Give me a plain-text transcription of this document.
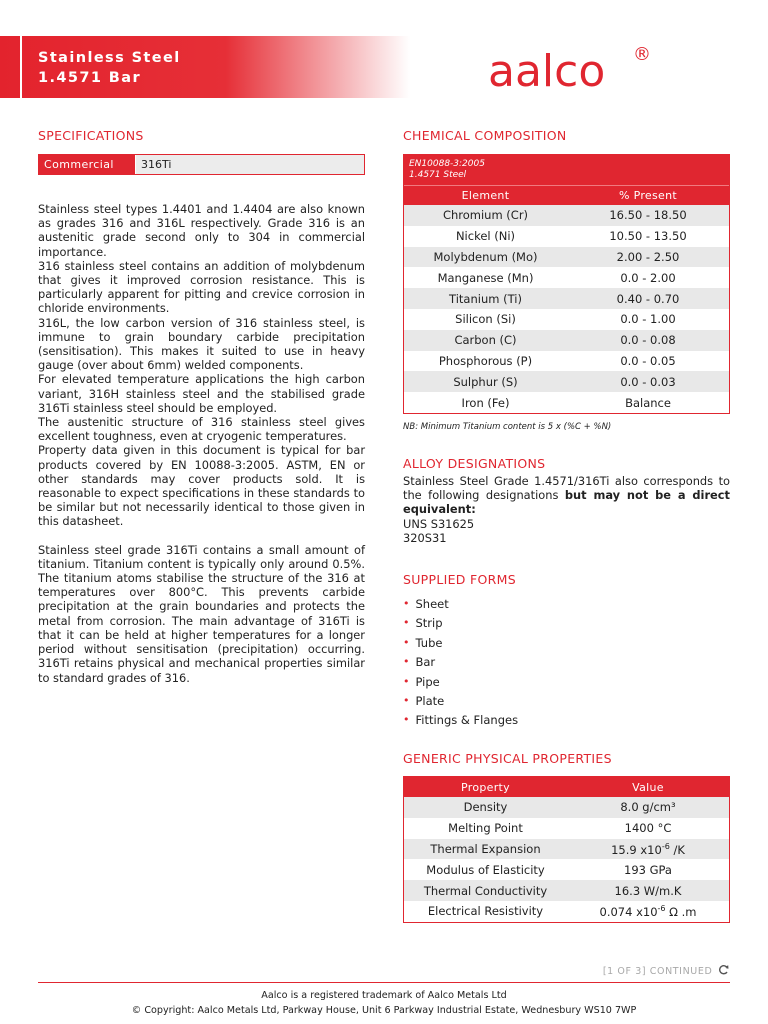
Stainless Steel
1.4571 Bar	aalco ®
SPECIFICATIONS
Commercial	316Ti

Stainless steel types 1.4401 and 1.4404 are also known as grades 316 and 316L respectively. Grade 316 is an austenitic grade second only to 304 in commercial importance.

316 stainless steel contains an addition of molybdenum that gives it improved corrosion resistance. This is particularly apparent for pitting and crevice corrosion in chloride environments.

316L, the low carbon version of 316 stainless steel, is immune to grain boundary carbide precipitation (sensitisation). This makes it suited to use in heavy gauge (over about 6mm) welded components.

For elevated temperature applications the high carbon variant, 316H stainless steel and the stabilised grade 316Ti stainless steel should be employed.

The austenitic structure of 316 stainless steel gives excellent toughness, even at cryogenic temperatures.

Property data given in this document is typical for bar products covered by EN 10088-3:2005. ASTM, EN or other standards may cover products sold. It is reasonable to expect specifications in these standards to be similar but not necessarily identical to those given in this datasheet.

Stainless steel grade 316Ti contains a small amount of titanium. Titanium content is typically only around 0.5%. The titanium atoms stabilise the structure of the 316 at temperatures over 800°C. This prevents carbide precipitation at the grain boundaries and protects the metal from corrosion. The main advantage of 316Ti is that it can be held at higher temperatures for a longer period without sensitisation (precipitation) occurring. 316Ti retains physical and mechanical properties similar to standard grades of 316.

CHEMICAL COMPOSITION
EN10088-3:2005
1.4571 Steel
Element	% Present
Chromium (Cr)	16.50 - 18.50
Nickel (Ni)	10.50 - 13.50
Molybdenum (Mo)	2.00 - 2.50
Manganese (Mn)	0.0 - 2.00
Titanium (Ti)	0.40 - 0.70
Silicon (Si)	0.0 - 1.00
Carbon (C)	0.0 - 0.08
Phosphorous (P)	0.0 - 0.05
Sulphur (S)	0.0 - 0.03
Iron (Fe)	Balance
NB: Minimum Titanium content is 5 x (%C + %N)
ALLOY DESIGNATIONS
Stainless Steel Grade 1.4571/316Ti also corresponds to the following designations but may not be a direct equivalent:
UNS S31625
320S31
SUPPLIED FORMS
• Sheet
• Strip
• Tube
• Bar
• Pipe
• Plate
• Fittings & Flanges
GENERIC PHYSICAL PROPERTIES
Property	Value
Density	8.0 g/cm³
Melting Point	1400 °C
Thermal Expansion	15.9 $x10^{-6}$ /K
Modulus of Elasticity	193 GPa
Thermal Conductivity	16.3 W/m.K
Electrical Resistivity	0.074 $x10^{-6}$ Ω .m
[1 OF 3] CONTINUED
Aalco is a registered trademark of Aalco Metals Ltd
© Copyright: Aalco Metals Ltd, Parkway House, Unit 6 Parkway Industrial Estate, Wednesbury WS10 7WP
